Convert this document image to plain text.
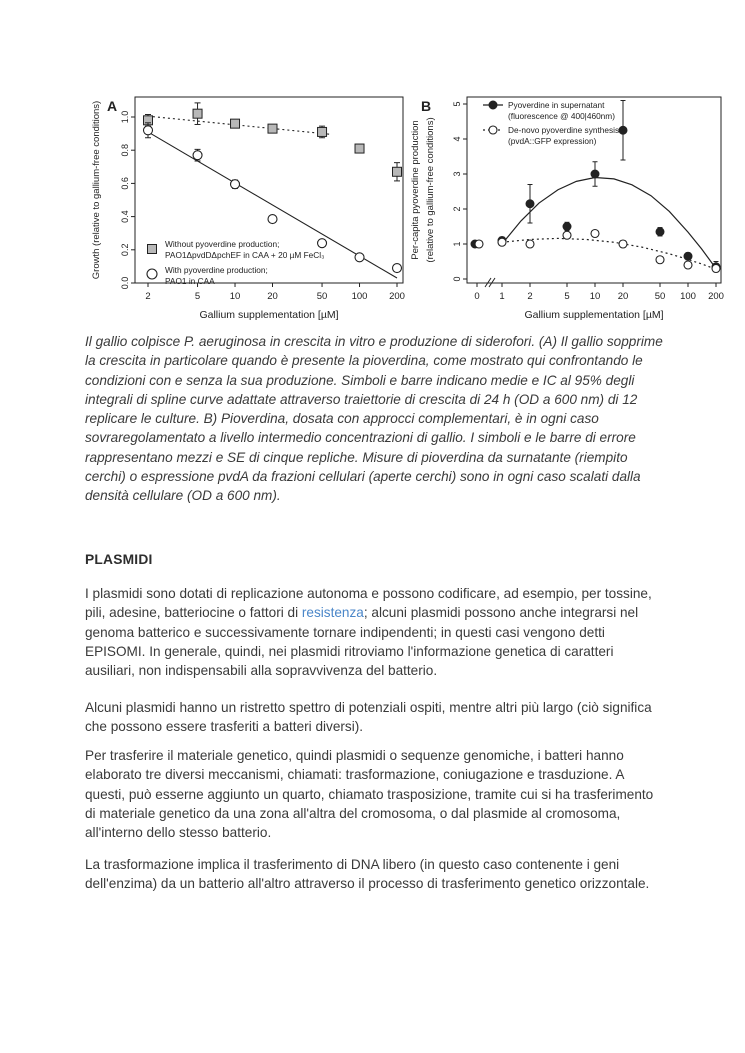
0.0
0.2
0.4
0.6
0.8
1.0
2	5	10	20	50	100 200
Gallium supplementation [µM]
Growth (relative to gallium-free conditions) A
Without pyoverdine production;
PAO1ΔpvdDΔpchEF in CAA + 20 µM FeCl₃
With pyoverdine production;
PAO1 in CAA	0
1
2
3
4
5
0 1 2	5 10 20	50 100 200
Gallium supplementation [µM]
Per-capita pyoverdine production (relative to gallium-free conditions)
B	Pyoverdine in supernatant
(fluorescence @ 400|460nm)
De-novo pyoverdine synthesis
(pvdA::GFP expression)
Il gallio colpisce P. aeruginosa in crescita in vitro e produzione di siderofori. (A) Il gallio sopprime la crescita in particolare quando è presente la pioverdina, come mostrato qui confrontando le condizioni con e senza la sua produzione. Simboli e barre indicano medie e IC al 95% degli integrali di spline curve adattate attraverso traiettorie di crescita di 24 h (OD a 600 nm) di 12 replicare le culture. B) Pioverdina, dosata con approcci complementari, è in ogni caso sovraregolamentato a livello intermedio concentrazioni di gallio. I simboli e le barre di errore rappresentano mezzi e SE di cinque repliche. Misure di pioverdina da surnatante (riempito cerchi) o espressione pvdA da frazioni cellulari (aperte cerchi) sono in ogni caso scalati dalla densità cellulare (OD a 600 nm).
PLASMIDI

I plasmidi sono dotati di replicazione autonoma e possono codificare, ad esempio, per tossine, pili, adesine, batteriocine o fattori di resistenza; alcuni plasmidi possono anche integrarsi nel genoma batterico e successivamente tornare indipendenti; in questi casi vengono detti EPISOMI. In generale, quindi, nei plasmidi ritroviamo l'informazione genetica di caratteri ausiliari, non indispensabili alla sopravvivenza del batterio.

Alcuni plasmidi hanno un ristretto spettro di potenziali ospiti, mentre altri più largo (ciò significa che possono essere trasferiti a batteri diversi).

Per trasferire il materiale genetico, quindi plasmidi o sequenze genomiche, i batteri hanno elaborato tre diversi meccanismi, chiamati: trasformazione, coniugazione e trasduzione. A questi, può esserne aggiunto un quarto, chiamato trasposizione, tramite cui si ha trasferimento di materiale genetico da una zona all'altra del cromosoma, o dal plasmide al cromosoma, all'interno dello stesso batterio.

La trasformazione implica il trasferimento di DNA libero (in questo caso contenente i geni dell'enzima) da un batterio all'altro attraverso il processo di trasferimento genetico orizzontale.
